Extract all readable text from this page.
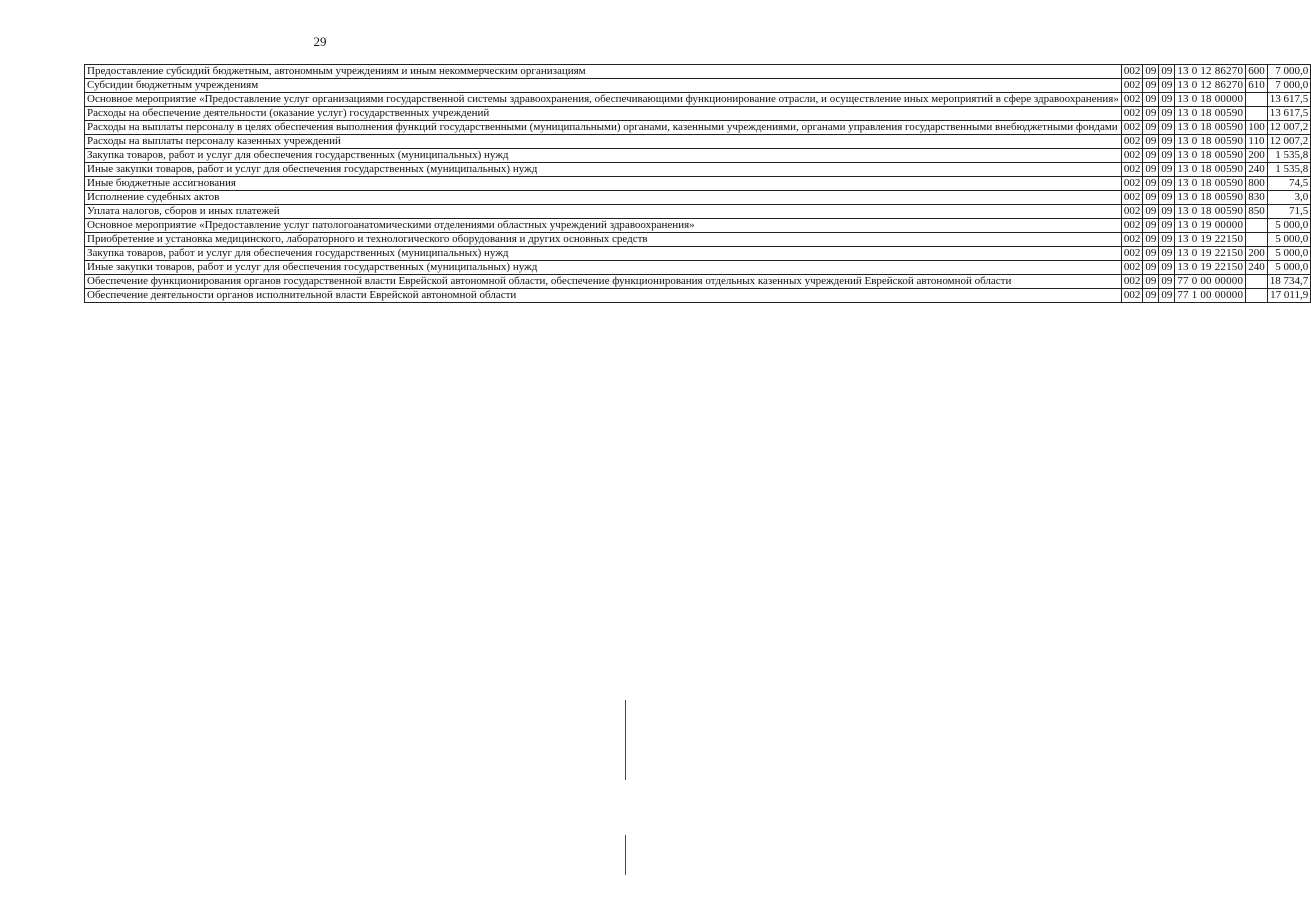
29
Предоставление субсидий бюджетным, автономным учреждениям и иным некоммерческим организациям	002	09	09	13 0 12 86270	600	7 000,0
Субсидии бюджетным учреждениям	002	09	09	13 0 12 86270	610	7 000,0
Основное мероприятие «Предоставление услуг организациями государственной системы здравоохранения, обеспечивающими функционирование отрасли, и осуществление иных мероприятий в сфере здравоохранения»	002	09	09	13 0 18 00000		13 617,5
Расходы на обеспечение деятельности (оказание услуг) государственных учреждений	002	09	09	13 0 18 00590		13 617,5
Расходы на выплаты персоналу в целях обеспечения выполнения функций государственными (муниципальными) органами, казенными учреждениями, органами управления государственными внебюджетными фондами	002	09	09	13 0 18 00590	100	12 007,2
Расходы на выплаты персоналу казенных учреждений	002	09	09	13 0 18 00590	110	12 007,2
Закупка товаров, работ и услуг для обеспечения государственных (муниципальных) нужд	002	09	09	13 0 18 00590	200	1 535,8
Иные закупки товаров, работ и услуг для обеспечения государственных (муниципальных) нужд	002	09	09	13 0 18 00590	240	1 535,8
Иные бюджетные ассигнования	002	09	09	13 0 18 00590	800	74,5
Исполнение судебных актов	002	09	09	13 0 18 00590	830	3,0
Уплата налогов, сборов и иных платежей	002	09	09	13 0 18 00590	850	71,5
Основное мероприятие «Предоставление услуг патологоанатомическими отделениями областных учреждений здравоохранения»	002	09	09	13 0 19 00000		5 000,0
Приобретение и установка медицинского, лабораторного и технологического оборудования и других основных средств	002	09	09	13 0 19 22150		5 000,0
Закупка товаров, работ и услуг для обеспечения государственных (муниципальных) нужд	002	09	09	13 0 19 22150	200	5 000,0
Иные закупки товаров, работ и услуг для обеспечения государственных (муниципальных) нужд	002	09	09	13 0 19 22150	240	5 000,0
Обеспечение функционирования органов государственной власти Еврейской автономной области, обеспечение функционирования отдельных казенных учреждений Еврейской автономной области	002	09	09	77 0 00 00000		18 734,7
Обеспечение деятельности органов исполнительной власти Еврейской автономной области	002	09	09	77 1 00 00000		17 011,9
